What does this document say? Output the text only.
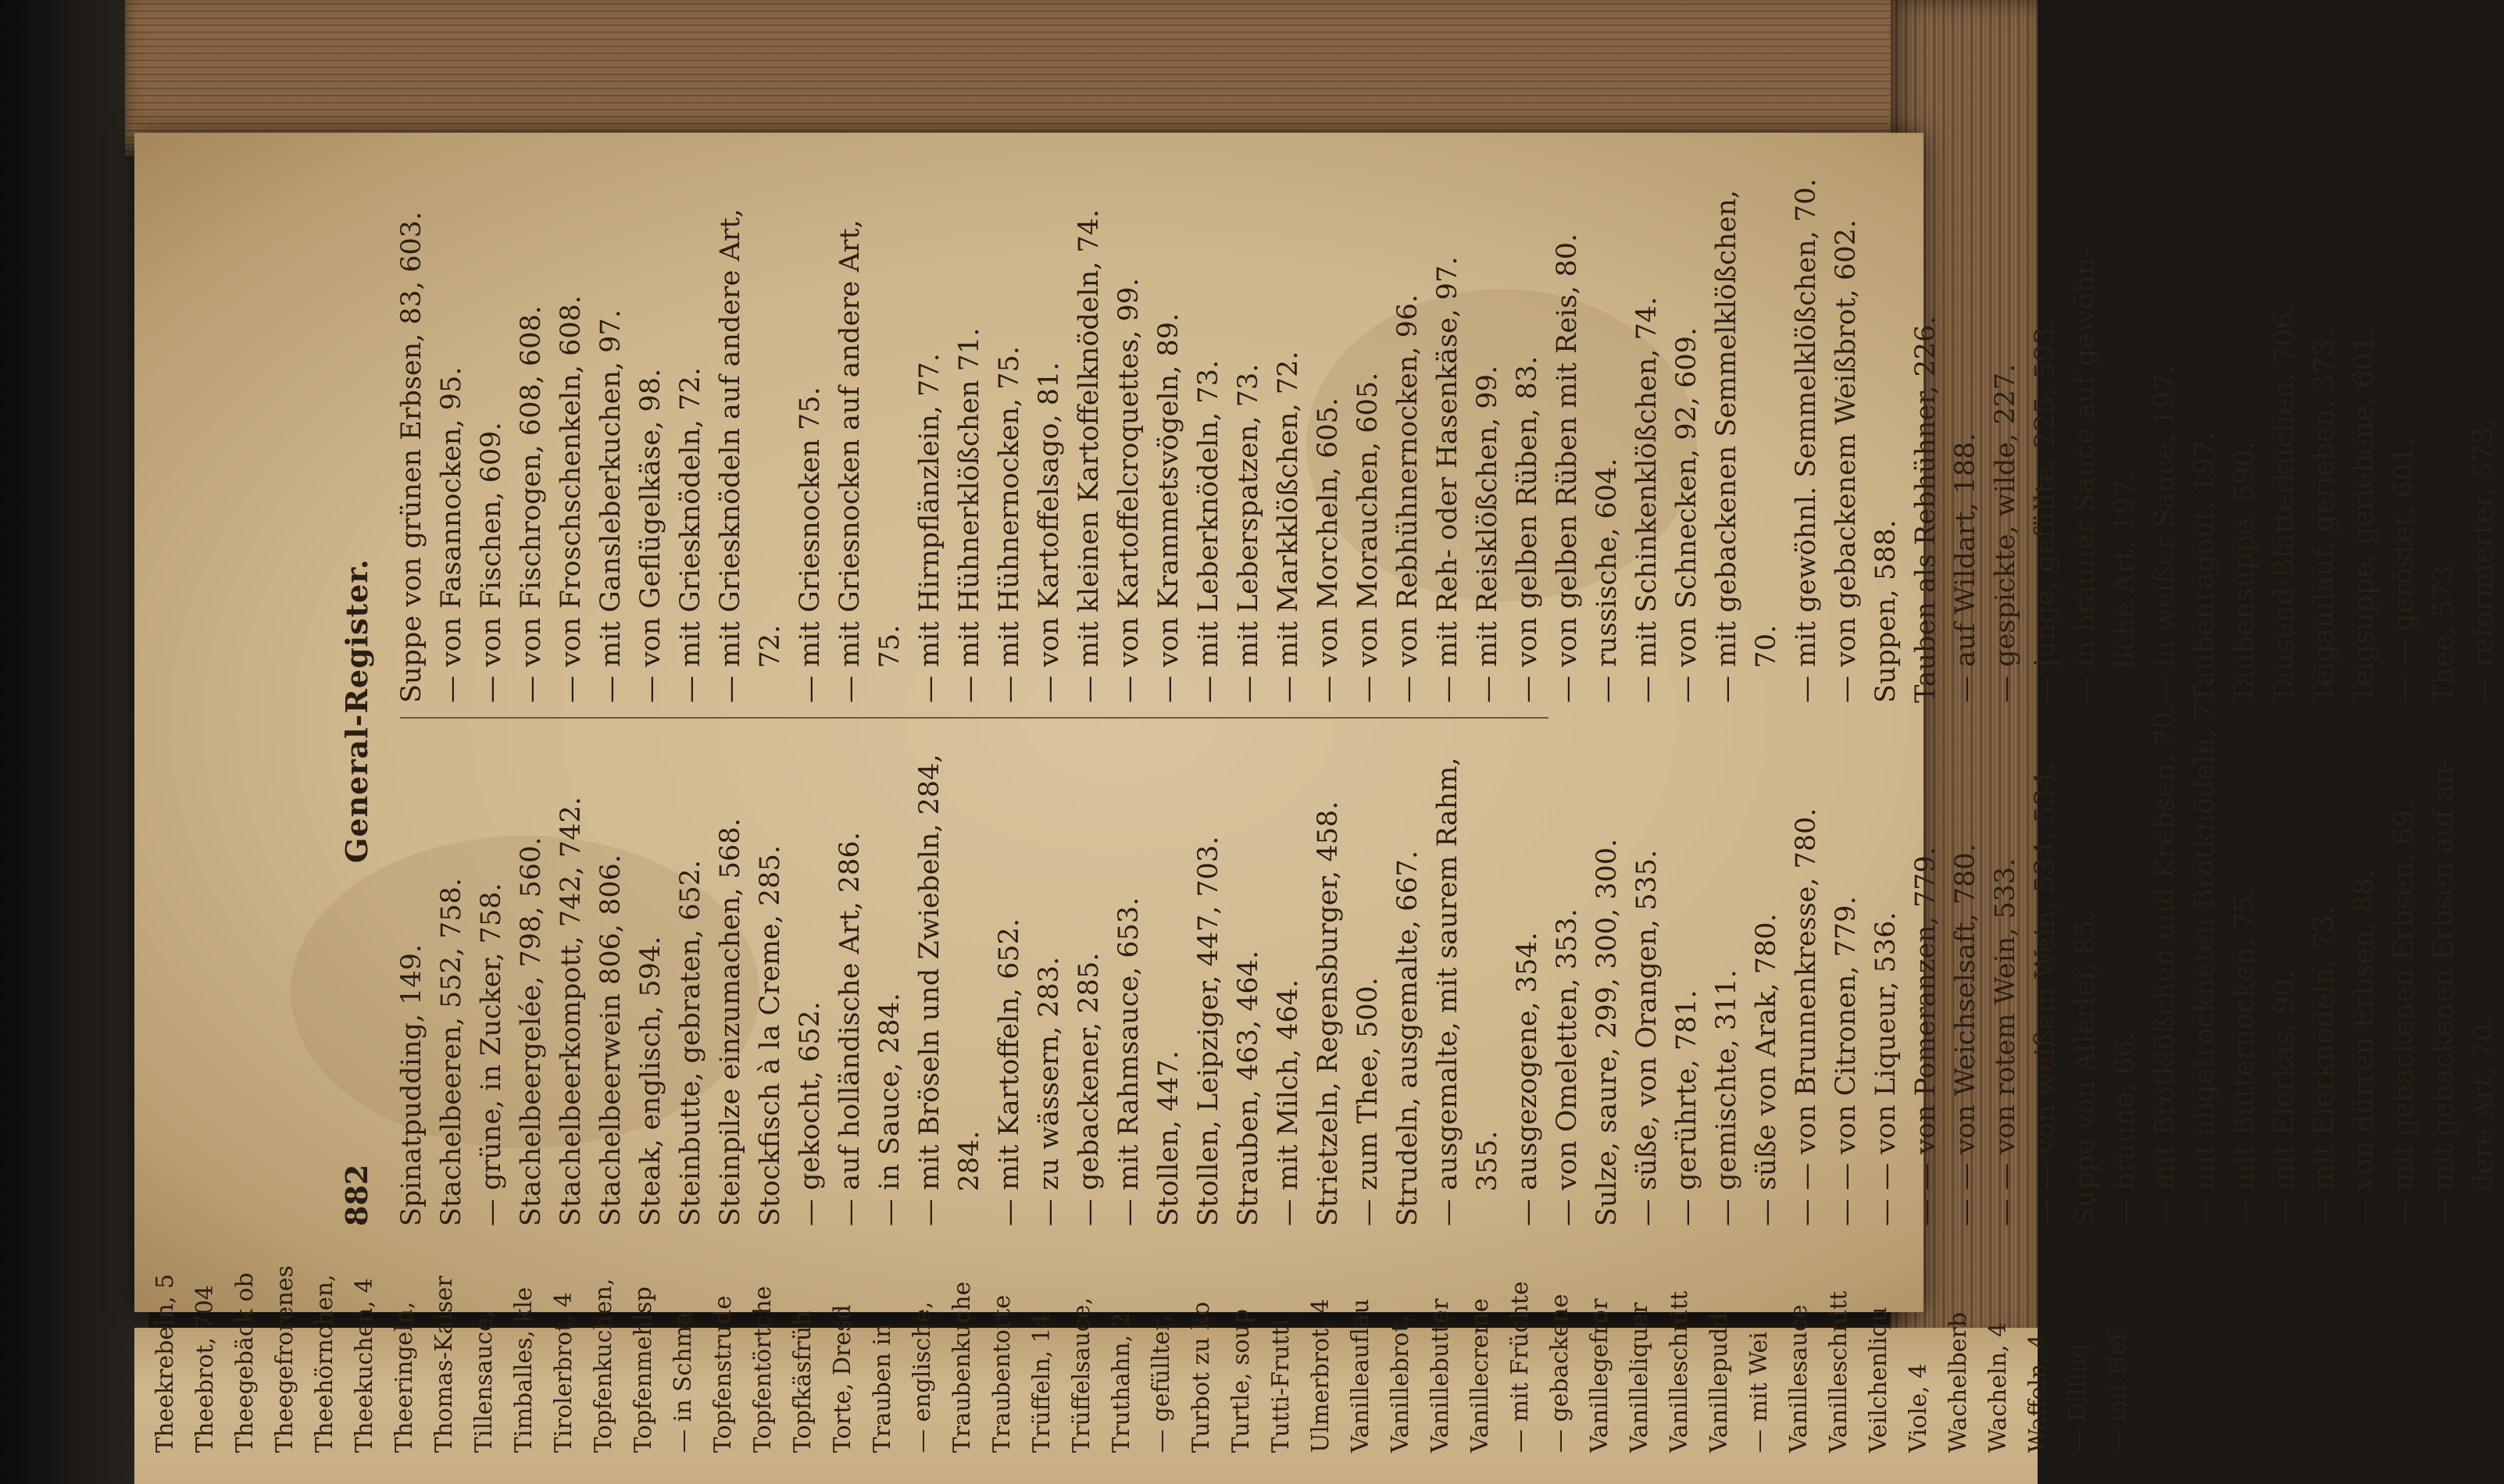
882
General-Register.
Spinatpudding, 149. Stachelbeeren, 552, 758. — grüne, in Zucker, 758. Stachelbeergelée, 798, 560. Stachelbeerkompott, 742, 742. Stachelbeerwein 806, 806. Steak, englisch, 594. Steinbutte, gebraten, 652. Steinpilze einzumachen, 568. Stockfisch à la Creme, 285. — gekocht, 652. — auf holländische Art, 286. — in Sauce, 284. — mit Bröseln und Zwiebeln, 284, 284. — mit Kartoffeln, 652. — zu wässern, 283. — gebackener, 285. — mit Rahmsauce, 653. Stollen, 447. Stollen, Leipziger, 447, 703. Strauben, 463, 464. — mit Milch, 464. Strietzeln, Regensburger, 458. — zum Thee, 500. Strudeln, ausgemalte, 667. — ausgemalte, mit saurem Rahm, 355. — ausgezogene, 354. — von Omeletten, 353. Sulze, saure, 299, 300, 300. — süße, von Orangen, 535. — gerührte, 781. — gemischte, 311. — süße von Arak, 780. — — von Brunnenkresse, 780. — — von Citronen, 779. — — von Liqueur, 536. — — von Pomeranzen, 779. — — von Weichselsaft, 780. — — von rotem Wein, 533. — — von weißem Wein, 534, 534. Suppe von Allerlei, 85. — braune, 66. — mit Brotklößchen und Krebsen, 70. — mit abgetrockneten Brotknödeln, 71. — mit Butternocken, 75. — mit Eierkäs, 90. — mit Eierknödeln, 73. — von dürren Erbsen, 88. — mit gebackenen Erbsen, 69. — mit gebackenen Erbsen auf an- dere Art, 70.
Suppe von grünen Erbsen, 83, 603. — von Fasannocken, 95. — von Fischen, 609. — von Fischrogen, 608, 608. — von Froschschenkeln, 608. — mit Gansleberkuchen, 97. — von Geflügelkäse, 98. — mit Griesknödeln, 72. — mit Griesknödeln auf andere Art, 72. — mit Griesnocken 75. — mit Griesnocken auf andere Art, 75. — mit Hirnpflänzlein, 77. — mit Hühnerklößchen 71. — mit Hühnernocken, 75. — von Kartoffelsago, 81. — mit kleinen Kartoffelknödeln, 74. — von Kartoffelcroquettes, 99. — von Krammetsvögeln, 89. — mit Leberknödeln, 73. — mit Leberspatzen, 73. — mit Markklößchen, 72. — von Morcheln, 605. — von Morauchen, 605. — von Rebhühnernocken, 96. — mit Reh- oder Hasenkäse, 97. — mit Reisklößchen, 99. — von gelben Rüben, 83. — von gelben Rüben mit Reis, 80. — russische, 604. — mit Schinkenklößchen, 74. — von Schnecken, 92, 609. — mit gebackenen Semmelklößchen, 70. — mit gewöhnl. Semmelklößchen, 70. — von gebackenem Weißbrot, 602. Suppen, 588. Tauben als Rebhühner, 226. — auf Wildart, 188. — gespickte, wilde, 227. — junge, gefüllte, 225, 593. — in brauner Sauce auf gewöhn- liche Art, 197. — in weißer Sauce, 197. Taubenragout, 197. Taubensuppe, 590. Tausend-Blätterkuchen, 706. Teigauflauf, gerieben, 373. Teigsuppe, geriebene, 601. — — geröstet, 601. Thee, 573. — reformierter, 573.
Theekrebeln, 5 Theebrot, 704 Theegebäck ob Theegefrorenes Theehörnchen, Theekuchen, 4 Theeringeln, Thomas-Kaiser Tillensauce, Timballes, kle Tirolerbrot, 4 Topfenkuchen, Topfenmehlsp — in Schma Topfenstrude Topfentörtche Topfkäsfrüh Torte, Dresd Trauben in — englische, Traubenkuche Traubentorte Trüffeln, 14 Trüffelsauce, Truthahn, 2 — gefüllter, Turbot zu ko Turtle, soup Tutti-Frutti Ulmerbrot, 4 Vanilleauflau Vanillebrot, Vanillebutter Vanillecreme — mit Früchte — gebackene Vanillegefror Vanilleliquer Vanilleschnitt Vanillepudd — mit Wei Vanillesauce Vanilleschnitt Veilchenliqu Viole, 4 Wachelberb Wacheln, 4 Waffeln, 4 — Dilling — mit Hef
